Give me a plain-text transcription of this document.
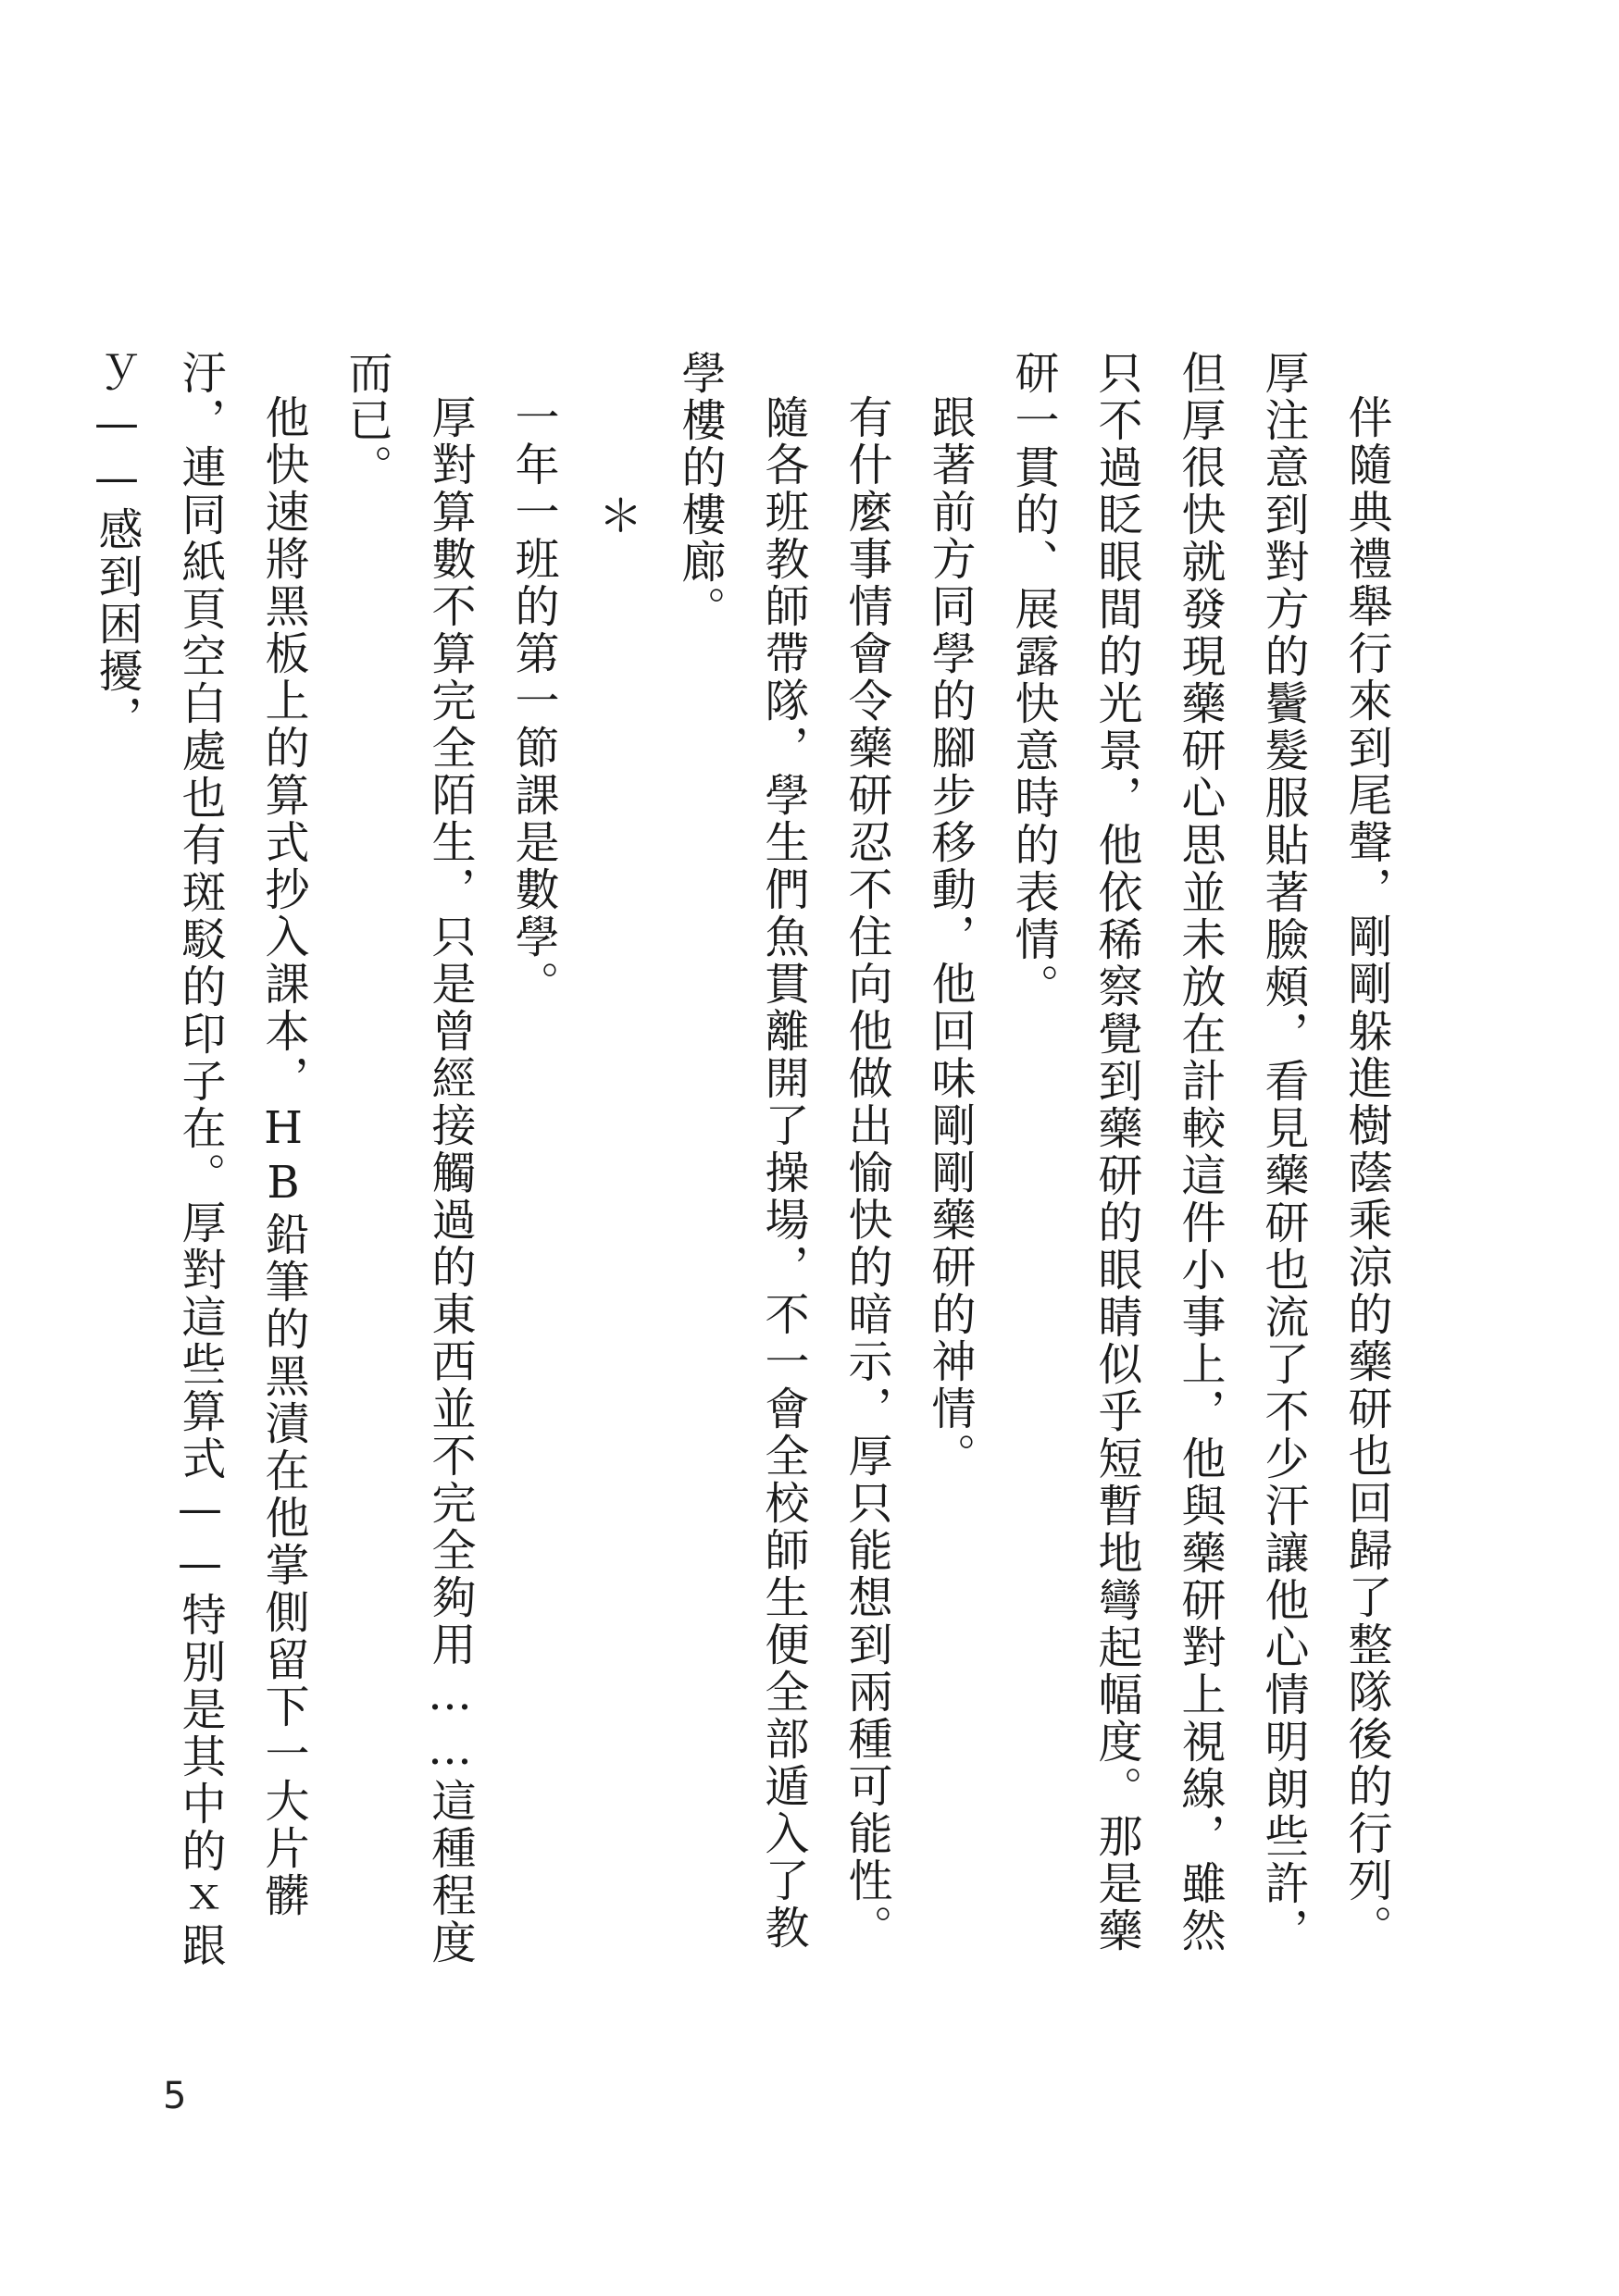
伴隨典禮舉行來到尾聲，剛剛躲進樹蔭乘涼的藥研也回歸了整隊後的行列。厚注意到對方的鬢髮服貼著臉頰，看見藥研也流了不少汗讓他心情明朗些許，但厚很快就發現藥研心思並未放在計較這件小事上，他與藥研對上視線，雖然只不過眨眼間的光景，他依稀察覺到藥研的眼睛似乎短暫地彎起幅度。那是藥研一貫的、展露快意時的表情。

跟著前方同學的腳步移動，他回味剛剛藥研的神情。

有什麼事情會令藥研忍不住向他做出愉快的暗示，厚只能想到兩種可能性。

隨各班教師帶隊，學生們魚貫離開了操場，不一會全校師生便全部遁入了教學樓的樓廊。

＊

一年一班的第一節課是數學。

厚對算數不算完全陌生，只是曾經接觸過的東西並不完全夠用……這種程度而已。

他快速將黑板上的算式抄入課本，HB鉛筆的黑漬在他掌側留下一大片髒汙，連同紙頁空白處也有斑駁的印子在。厚對這些算式——特別是其中的ｘ跟ｙ——感到困擾，

5
